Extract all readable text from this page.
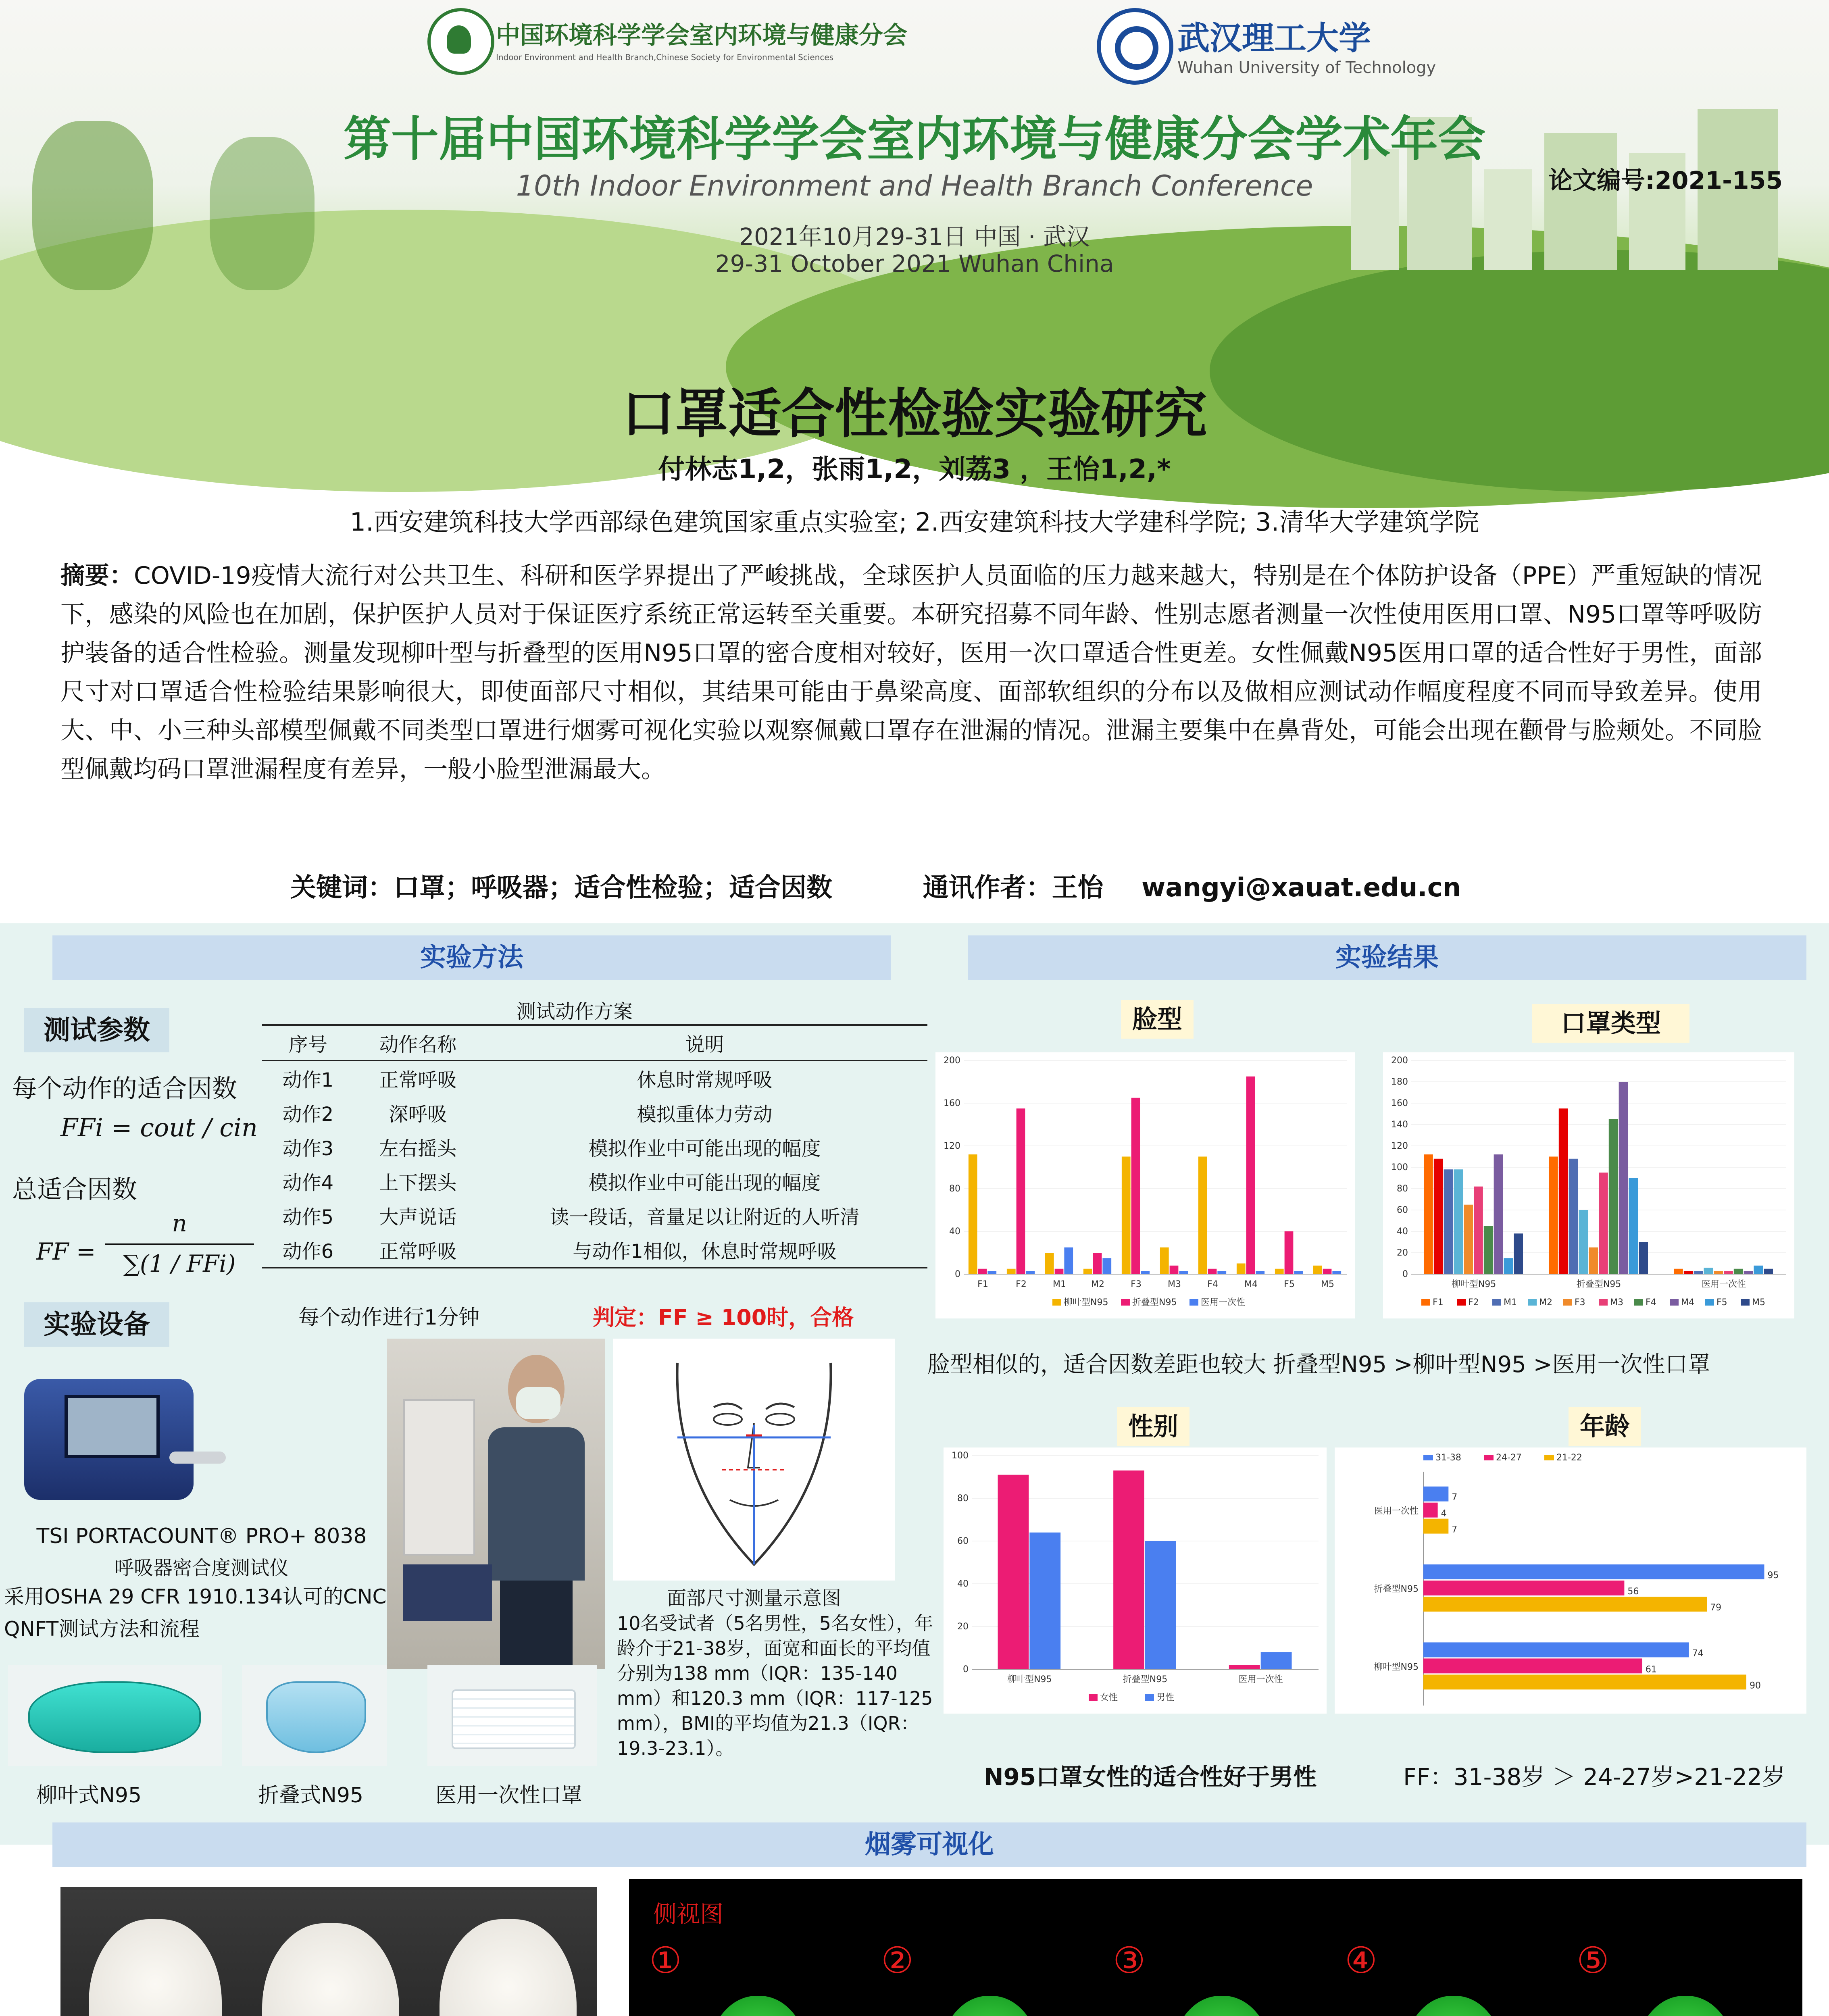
中国环境科学学会室内环境与健康分会
Indoor Environment and Health Branch,Chinese Society for Environmental Sciences
武汉理工大学
Wuhan University of Technology
第十届中国环境科学学会室内环境与健康分会学术年会
10th Indoor Environment and Health Branch Conference
2021年10月29-31日 中国 · 武汉
29-31 October 2021 Wuhan China
论文编号:2021-155
口罩适合性检验实验研究
付林志1,2，张雨1,2，刘荔3 ，王怡1,2,*
1.西安建筑科技大学西部绿色建筑国家重点实验室; 2.西安建筑科技大学建科学院; 3.清华大学建筑学院
摘要：COVID-19疫情大流行对公共卫生、科研和医学界提出了严峻挑战，全球医护人员面临的压力越来越大，特别是在个体防护设备（PPE）严重短缺的情况下，感染的风险也在加剧，保护医护人员对于保证医疗系统正常运转至关重要。本研究招募不同年龄、性别志愿者测量一次性使用医用口罩、N95口罩等呼吸防护装备的适合性检验。测量发现柳叶型与折叠型的医用N95口罩的密合度相对较好，医用一次口罩适合性更差。女性佩戴N95医用口罩的适合性好于男性，面部尺寸对口罩适合性检验结果影响很大，即使面部尺寸相似，其结果可能由于鼻梁高度、面部软组织的分布以及做相应测试动作幅度程度不同而导致差异。使用大、中、小三种头部模型佩戴不同类型口罩进行烟雾可视化实验以观察佩戴口罩存在泄漏的情况。泄漏主要集中在鼻背处，可能会出现在颧骨与脸颊处。不同脸型佩戴均码口罩泄漏程度有差异，一般小脸型泄漏最大。
关键词：口罩；呼吸器；适合性检验；适合因数	通讯作者：王怡 wangyi@xauat.edu.cn
实验方法
测试参数
每个动作的适合因数
FFi = cout / cin
总适合因数
FF =
n
∑(1 / FFi)
测试动作方案
序号	动作名称	说明
动作1	正常呼吸	休息时常规呼吸
动作2	深呼吸	模拟重体力劳动
动作3	左右摇头	模拟作业中可能出现的幅度
动作4	上下摆头	模拟作业中可能出现的幅度
动作5	大声说话	读一段话，音量足以让附近的人听清
动作6	正常呼吸	与动作1相似，休息时常规呼吸
每个动作进行1分钟	判定：FF ≥ 100时，合格
实验设备
TSI PORTACOUNT® PRO+ 8038
呼吸器密合度测试仪
采用OSHA 29 CFR 1910.134认可的CNC QNFT测试方法和流程
面部尺寸测量示意图
10名受试者（5名男性，5名女性），年龄介于21-38岁，面宽和面长的平均值分别为138 mm（IQR：135-140 mm）和120.3 mm（IQR：117-125 mm），BMI的平均值为21.3（IQR：19.3-23.1）。
柳叶式N95	折叠式N95	医用一次性口罩
实验结果
脸型	口罩类型
0
40
80
120
160
200
F1	F2	M1	M2	F3	M3	F4	M4	F5	M5
柳叶型N95	折叠型N95	医用一次性
0
20
40
60
80
100
120
140
160
180
200
柳叶型N95	折叠型N95	医用一次性
F1	F2	M1	M2	F3	M3	F4	M4	F5	M5
脸型相似的，适合因数差距也较大 折叠型N95 >柳叶型N95 >医用一次性口罩
性别	年龄
0
20
40
60
80
100
柳叶型N95	折叠型N95	医用一次性
女性	男性
31-38	24-27	21-22
7
4
7
医用一次性
95
56
79
折叠型N95
74
61
90
柳叶型N95
N95口罩女性的适合性好于男性	FF：31-38岁 ＞ 24-27岁>21-22岁
烟雾可视化
侧视图
①	②	③	④	⑤
